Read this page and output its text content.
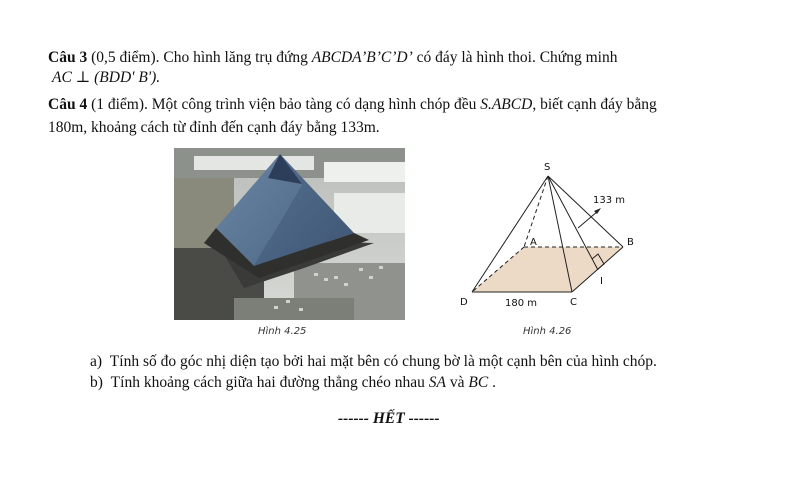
Câu 3 (0,5 điểm). Cho hình lăng trụ đứng ABCDA’B’C’D’ có đáy là hình thoi. Chứng minh
AC ⊥ (BDD' B').
Câu 4 (1 điểm). Một công trình viện bảo tàng có dạng hình chóp đều S.ABCD, biết cạnh đáy bằng
180m, khoảng cách từ đỉnh đến cạnh đáy bằng 133m.
Hình 4.25
S
A	B
C
D
I
133 m
180 m
Hình 4.26
a) Tính số đo góc nhị diện tạo bởi hai mặt bên có chung bờ là một cạnh bên của hình chóp.
b) Tính khoảng cách giữa hai đường thẳng chéo nhau SA và BC .
------ HẾT ------
